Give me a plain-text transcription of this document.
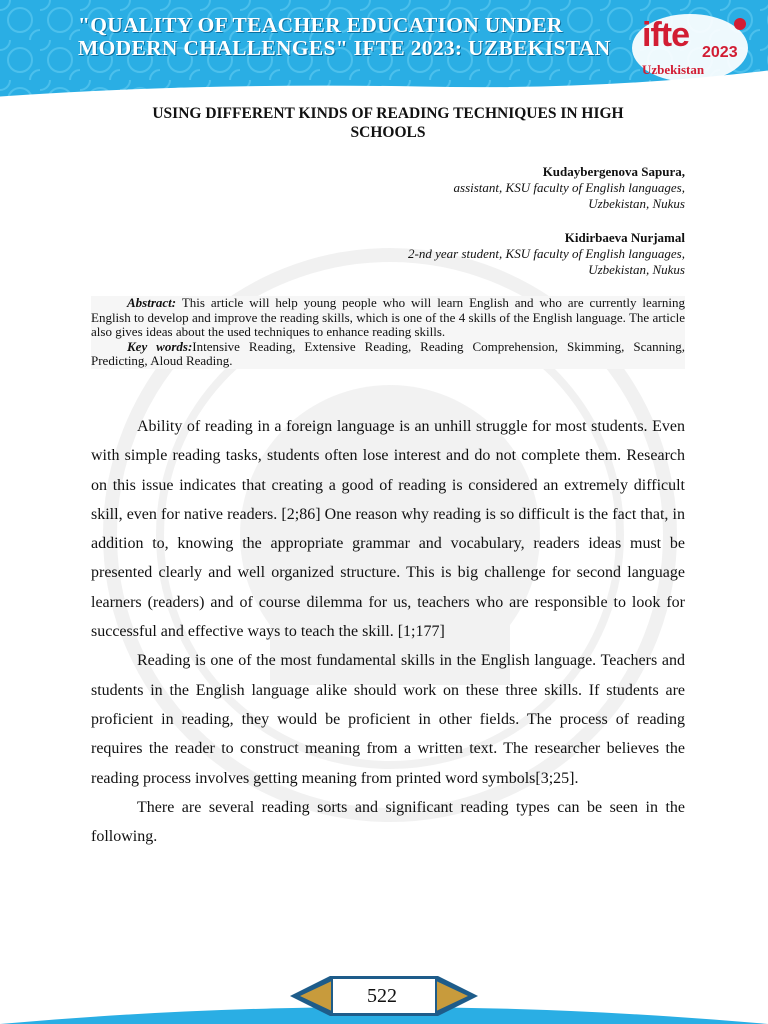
"QUALITY OF TEACHER EDUCATION UNDER
MODERN CHALLENGES" IFTE 2023: UZBEKISTAN ifte 2023
Uzbekistan
USING DIFFERENT KINDS OF READING TECHNIQUES IN HIGH
SCHOOLS
Kudaybergenova Sapura,
assistant, KSU faculty of English languages,
Uzbekistan, Nukus
Kidirbaeva Nurjamal
2-nd year student, KSU faculty of English languages,
Uzbekistan, Nukus

Abstract: This article will help young people who will learn English and who are currently learning English to develop and improve the reading skills, which is one of the 4 skills of the English language. The article also gives ideas about the used techniques to enhance reading skills.

Key words:Intensive Reading, Extensive Reading, Reading Comprehension, Skimming, Scanning, Predicting, Aloud Reading.

Ability of reading in a foreign language is an unhill struggle for most students. Even with simple reading tasks, students often lose interest and do not complete them. Research on this issue indicates that creating a good of reading is considered an extremely difficult skill, even for native readers. [2;86] One reason why reading is so difficult is the fact that, in addition to, knowing the appropriate grammar and vocabulary, readers ideas must be presented clearly and well organized structure. This is big challenge for second language learners (readers) and of course dilemma for us, teachers who are responsible to look for successful and effective ways to teach the skill. [1;177]

Reading is one of the most fundamental skills in the English language. Teachers and students in the English language alike should work on these three skills. If students are proficient in reading, they would be proficient in other fields. The process of reading requires the reader to construct meaning from a written text. The researcher believes the reading process involves getting meaning from printed word symbols[3;25].

There are several reading sorts and significant reading types can be seen in the following.

522
